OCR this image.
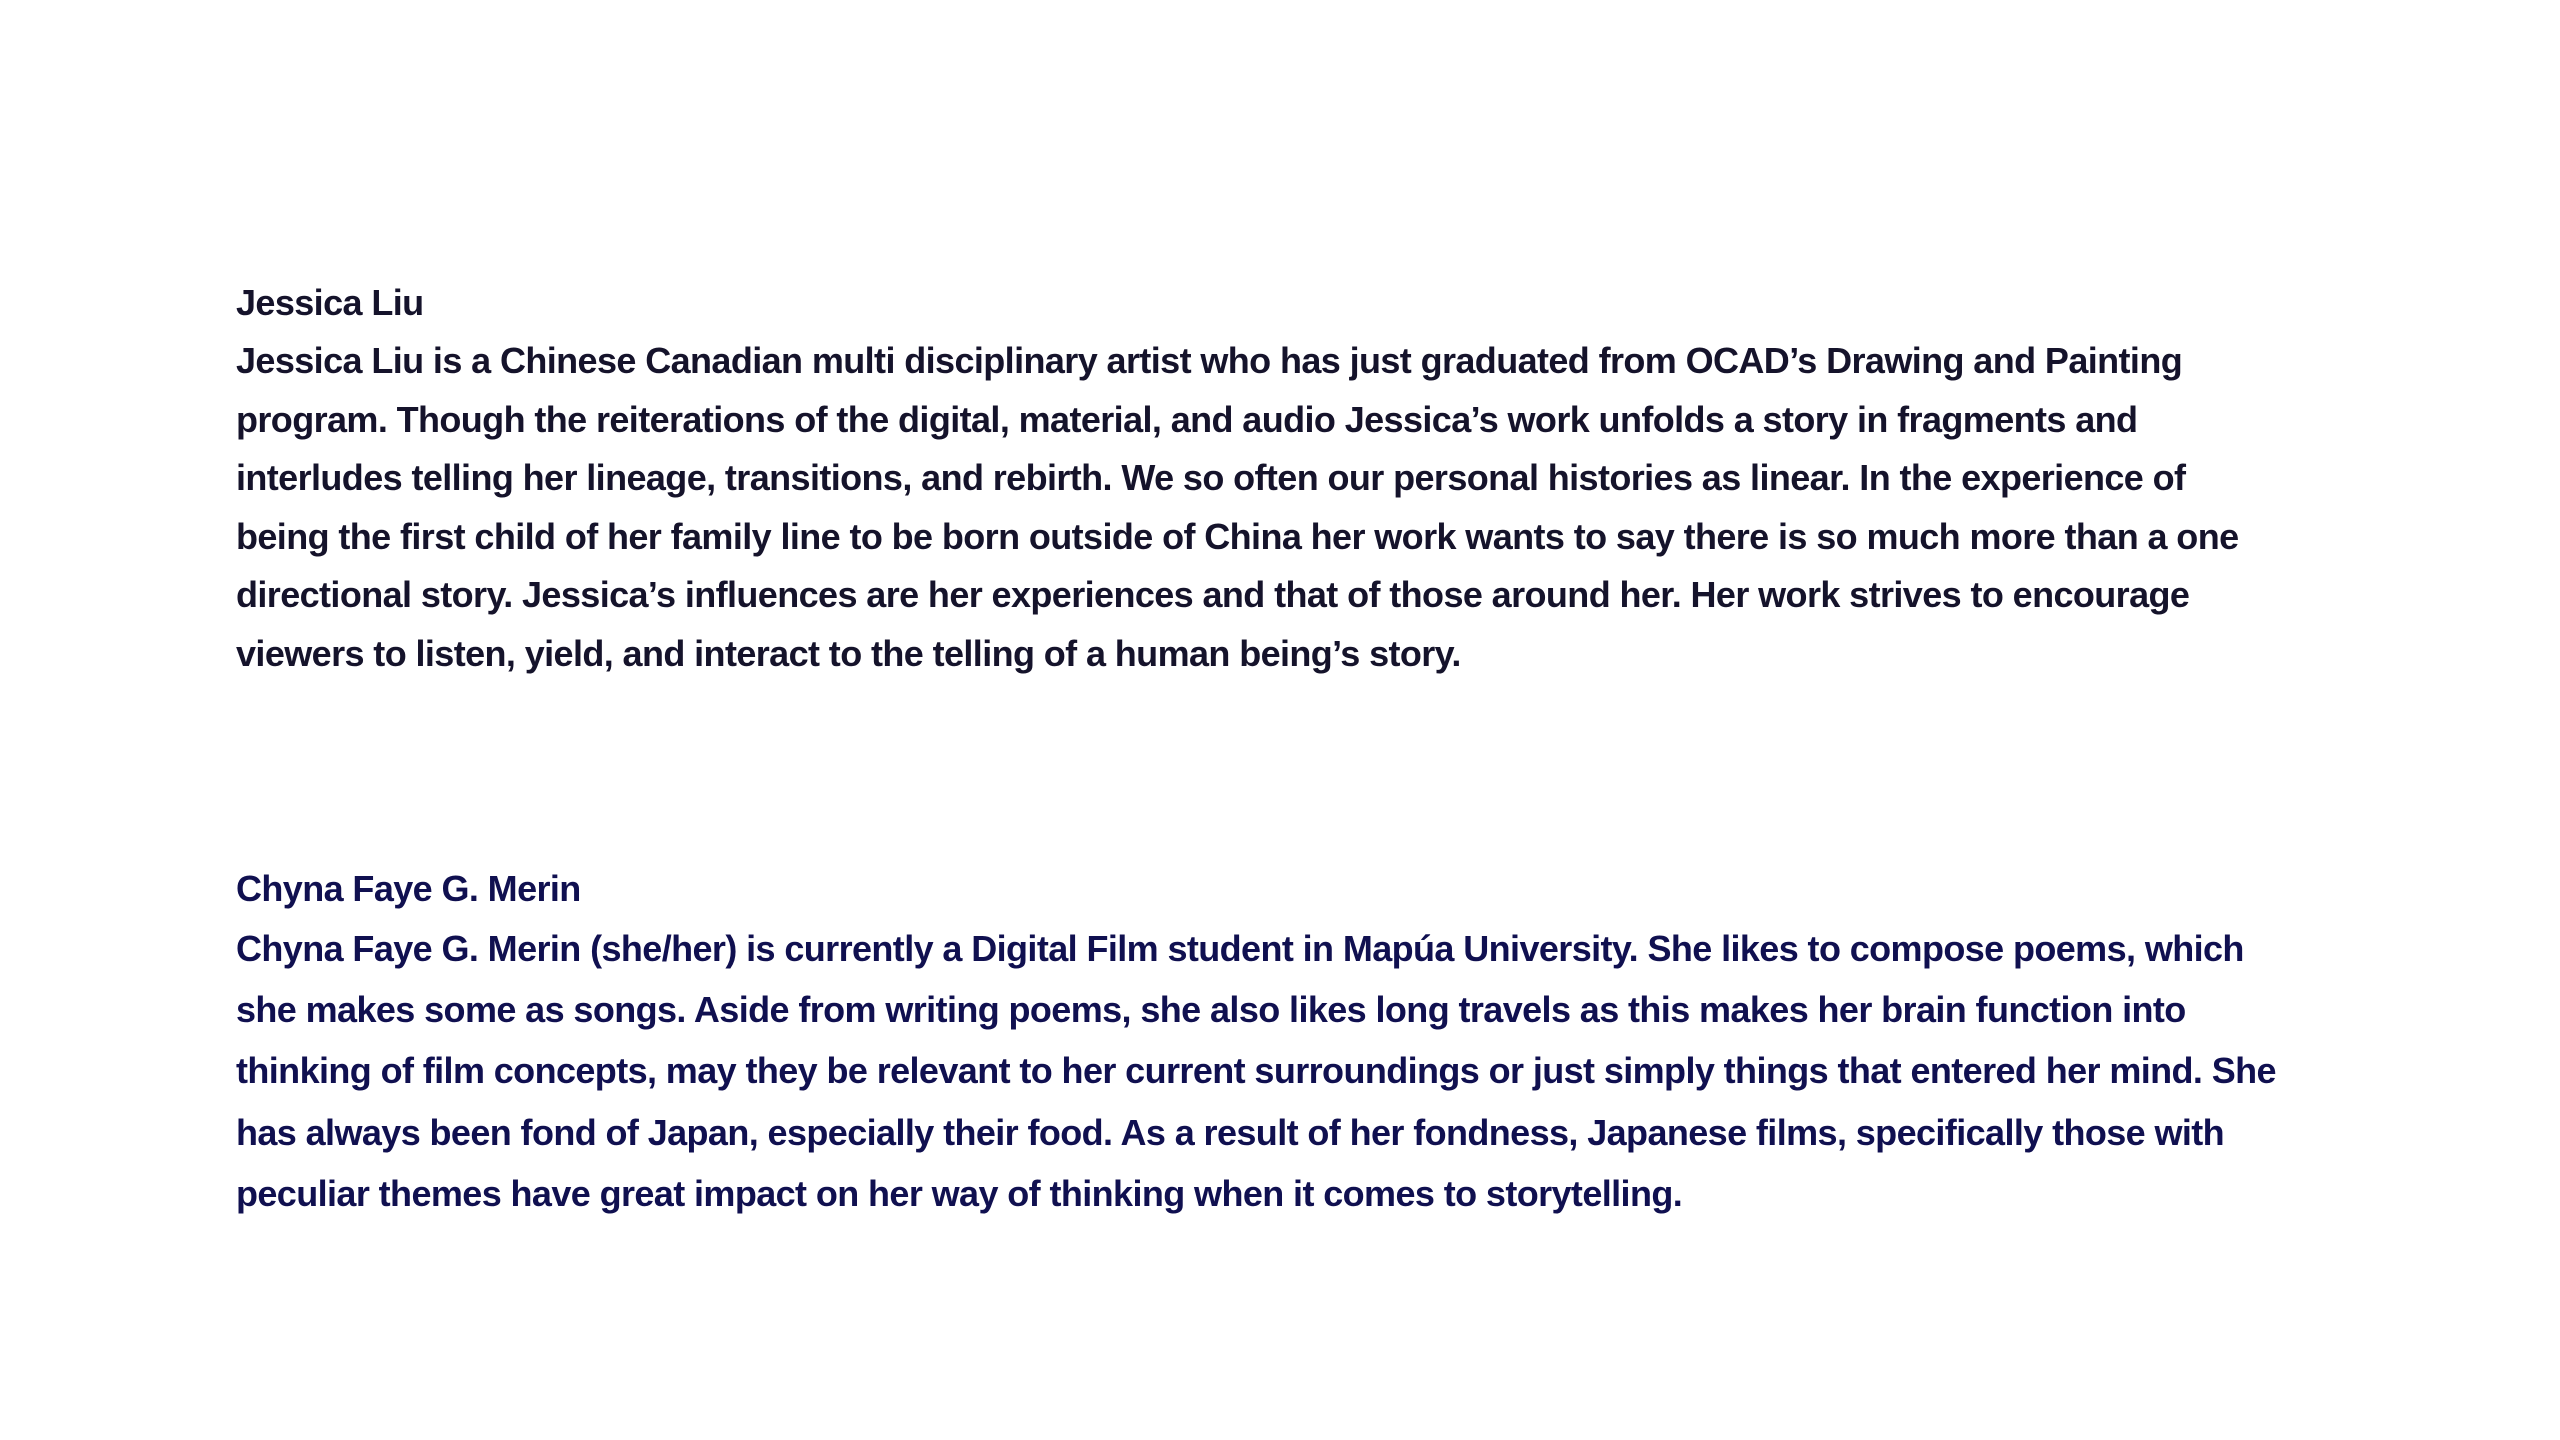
Jessica Liu

Jessica Liu is a Chinese Canadian multi disciplinary artist who has just graduated from OCAD’s Drawing and Painting program. Though the reiterations of the digital, material, and audio Jessica’s work unfolds a story in fragments and interludes telling her lineage, transitions, and rebirth. We so often our personal histories as linear. In the experience of being the first child of her family line to be born outside of China her work wants to say there is so much more than a one directional story. Jessica’s influences are her experiences and that of those around her. Her work strives to encourage viewers to listen, yield, and interact to the telling of a human being’s story.

Chyna Faye G. Merin

Chyna Faye G. Merin (she/her) is currently a Digital Film student in Mapúa University. She likes to compose poems, which she makes some as songs. Aside from writing poems, she also likes long travels as this makes her brain function into thinking of film concepts, may they be relevant to her current surroundings or just simply things that entered her mind. She has always been fond of Japan, especially their food. As a result of her fondness, Japanese films, specifically those with peculiar themes have great impact on her way of thinking when it comes to storytelling.
